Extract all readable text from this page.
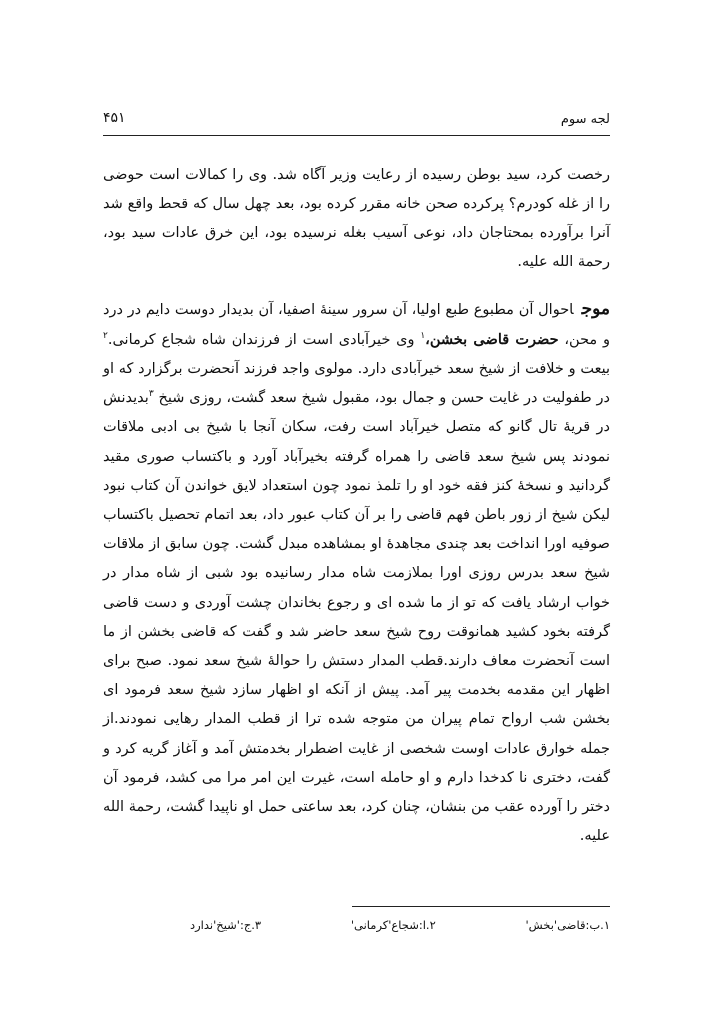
لجه سوم
۴۵۱

رخصت کرد، سید بوطن رسیده از رعایت وزیر آگاه شد. وی را کمالات است حوضی را از غله کودرم؟ پرکرده صحن خانه مقرر کرده بود، بعد چهل سال که قحط واقع شد آنرا برآورده بمحتاجان داد، نوعی آسیب بغله نرسیده بود، این خرق عادات سید بود، رحمة الله علیه.

موجاحوال آن مطبوع طبع اولیا، آن سرور سینهٔ اصفیا، آن بدیدار دوست دایم در درد و محن، حضرت قاضی بخشن،$^۱$ وی خیرآبادی است از فرزندان شاه شجاع کرمانی.$^۲$ بیعت و خلافت از شیخ سعد خیرآبادی دارد. مولوی واجد فرزند آنحضرت برگزارد که او در طفولیت در غایت حسن و جمال بود، مقبول شیخ سعد گشت، روزی شیخ $^۳$بدیدنش در قریهٔ تال گانو که متصل خیرآباد است رفت، سکان آنجا با شیخ بی ادبی ملاقات نمودند پس شیخ سعد قاضی را همراه گرفته بخیرآباد آورد و باکتساب صوری مقید گردانید و نسخهٔ کنز فقه خود او را تلمذ نمود چون استعداد لایق خواندن آن کتاب نبود لیکن شیخ از زور باطن فهم قاضی را بر آن کتاب عبور داد، بعد اتمام تحصیل باکتساب صوفیه اورا انداخت بعد چندی مجاهدهٔ او بمشاهده مبدل گشت. چون سابق از ملاقات شیخ سعد بدرس روزی اورا بملازمت شاه مدار رسانیده بود شبی از شاه مدار در خواب ارشاد یافت که تو از ما شده ای و رجوع بخاندان چشت آوردی و دست قاضی گرفته بخود کشید همانوقت روح شیخ سعد حاضر شد و گفت که قاضی بخشن از ما است آنحضرت معاف دارند.قطب المدار دستش را حوالهٔ شیخ سعد نمود. صبح برای اظهار این مقدمه بخدمت پیر آمد. پیش از آنکه او اظهار سازد شیخ سعد فرمود ای بخشن شب ارواح تمام پیران من متوجه شده ترا از قطب المدار رهایی نمودند.از جمله خوارق عادات اوست شخصی از غایت اضطرار بخدمتش آمد و آغاز گریه کرد و گفت، دختری نا کدخدا دارم و او حامله است، غیرت این امر مرا می کشد، فرمود آن دختر را آورده عقب من بنشان، چنان کرد، بعد ساعتی حمل او ناپیدا گشت، رحمة الله علیه.

۱.ب:قاضی'بخش'
۲.ا:شجاع'کرمانی'
۳.ج:'شیخ'ندارد
